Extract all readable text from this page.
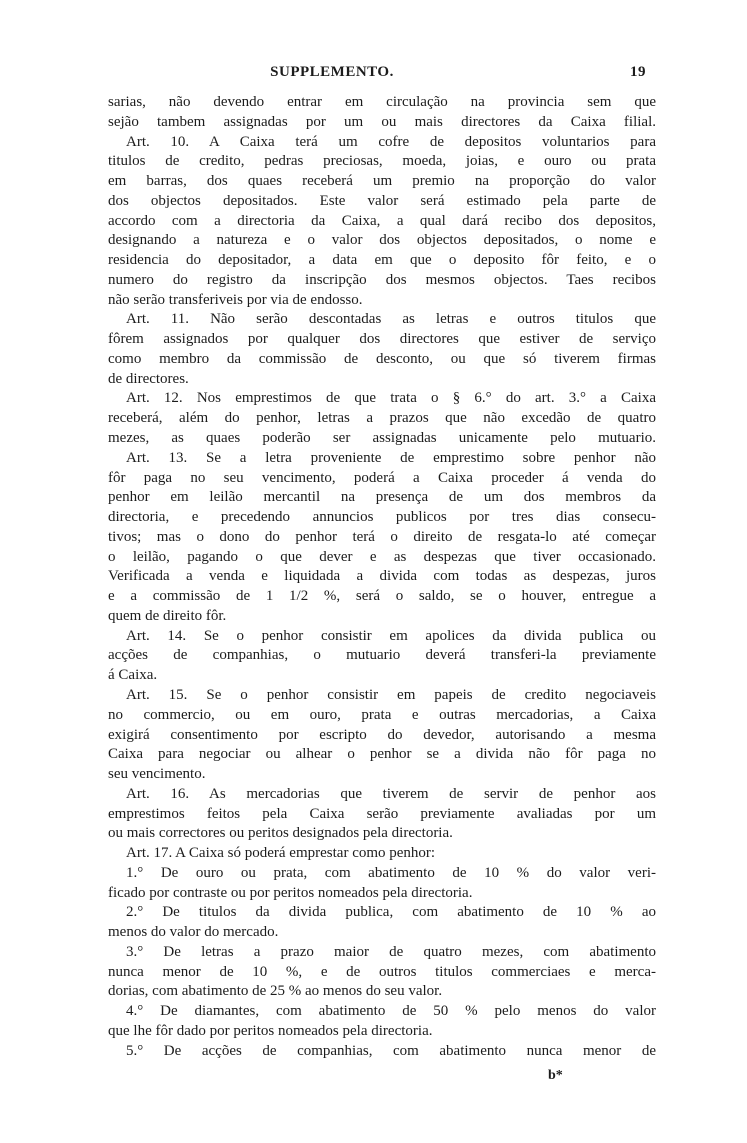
SUPPLEMENTO.	19
sarias, não devendo entrar em circulação na provincia sem que
sejão tambem assignadas por um ou mais directores da Caixa filial.
Art. 10. A Caixa terá um cofre de depositos voluntarios para
titulos de credito, pedras preciosas, moeda, joias, e ouro ou prata
em barras, dos quaes receberá um premio na proporção do valor
dos objectos depositados. Este valor será estimado pela parte de
accordo com a directoria da Caixa, a qual dará recibo dos depositos,
designando a natureza e o valor dos objectos depositados, o nome e
residencia do depositador, a data em que o deposito fôr feito, e o
numero do registro da inscripção dos mesmos objectos. Taes recibos
não serão transferiveis por via de endosso.
Art. 11. Não serão descontadas as letras e outros titulos que
fôrem assignados por qualquer dos directores que estiver de serviço
como membro da commissão de desconto, ou que só tiverem firmas
de directores.
Art. 12. Nos emprestimos de que trata o § 6.° do art. 3.° a Caixa
receberá, além do penhor, letras a prazos que não excedão de quatro
mezes, as quaes poderão ser assignadas unicamente pelo mutuario.
Art. 13. Se a letra proveniente de emprestimo sobre penhor não
fôr paga no seu vencimento, poderá a Caixa proceder á venda do
penhor em leilão mercantil na presença de um dos membros da
directoria, e precedendo annuncios publicos por tres dias consecu-
tivos; mas o dono do penhor terá o direito de resgata-lo até começar
o leilão, pagando o que dever e as despezas que tiver occasionado.
Verificada a venda e liquidada a divida com todas as despezas, juros
e a commissão de 1 1/2 %, será o saldo, se o houver, entregue a
quem de direito fôr.
Art. 14. Se o penhor consistir em apolices da divida publica ou
acções de companhias, o mutuario deverá transferi-la previamente
á Caixa.
Art. 15. Se o penhor consistir em papeis de credito negociaveis
no commercio, ou em ouro, prata e outras mercadorias, a Caixa
exigirá consentimento por escripto do devedor, autorisando a mesma
Caixa para negociar ou alhear o penhor se a divida não fôr paga no
seu vencimento.
Art. 16. As mercadorias que tiverem de servir de penhor aos
emprestimos feitos pela Caixa serão previamente avaliadas por um
ou mais correctores ou peritos designados pela directoria.
Art. 17. A Caixa só poderá emprestar como penhor:
1.° De ouro ou prata, com abatimento de 10 % do valor veri-
ficado por contraste ou por peritos nomeados pela directoria.
2.° De titulos da divida publica, com abatimento de 10 % ao
menos do valor do mercado.
3.° De letras a prazo maior de quatro mezes, com abatimento
nunca menor de 10 %, e de outros titulos commerciaes e merca-
dorias, com abatimento de 25 % ao menos do seu valor.
4.° De diamantes, com abatimento de 50 % pelo menos do valor
que lhe fôr dado por peritos nomeados pela directoria.
5.° De acções de companhias, com abatimento nunca menor de
b*
